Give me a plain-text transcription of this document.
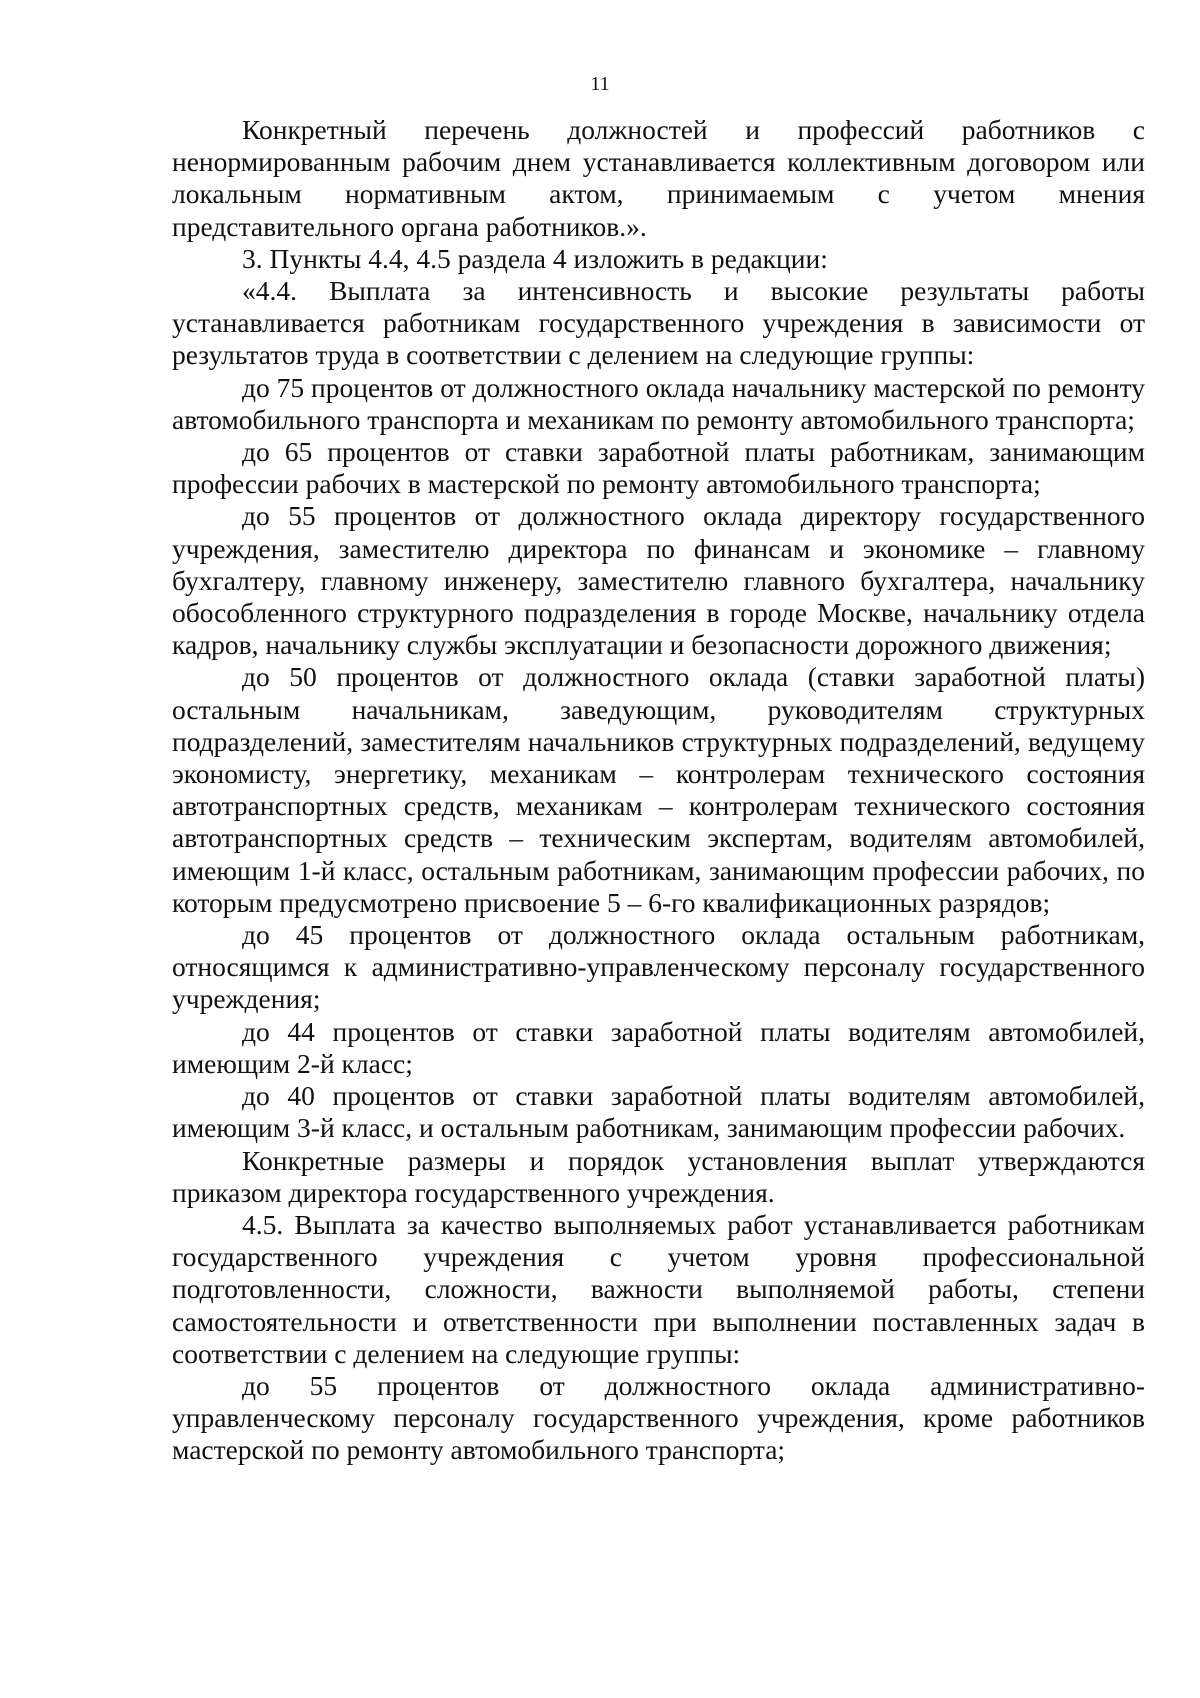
11

Конкретный перечень должностей и профессий работников с ненормированным рабочим днем устанавливается коллективным договором или локальным нормативным актом, принимаемым с учетом мнения представительного органа работников.».

3. Пункты 4.4, 4.5 раздела 4 изложить в редакции:

«4.4. Выплата за интенсивность и высокие результаты работы устанавливается работникам государственного учреждения в зависимости от результатов труда в соответствии с делением на следующие группы:

до 75 процентов от должностного оклада начальнику мастерской по ремонту автомобильного транспорта и механикам по ремонту автомобильного транспорта;

до 65 процентов от ставки заработной платы работникам, занимающим профессии рабочих в мастерской по ремонту автомобильного транспорта;

до 55 процентов от должностного оклада директору государственного учреждения, заместителю директора по финансам и экономике – главному бухгалтеру, главному инженеру, заместителю главного бухгалтера, начальнику обособленного структурного подразделения в городе Москве, начальнику отдела кадров, начальнику службы эксплуатации и безопасности дорожного движения;

до 50 процентов от должностного оклада (ставки заработной платы) остальным начальникам, заведующим, руководителям структурных подразделений, заместителям начальников структурных подразделений, ведущему экономисту, энергетику, механикам – контролерам технического состояния автотранспортных средств, механикам – контролерам технического состояния автотранспортных средств – техническим экспертам, водителям автомобилей, имеющим 1-й класс, остальным работникам, занимающим профессии рабочих, по которым предусмотрено присвоение 5 – 6-го квалификационных разрядов;

до 45 процентов от должностного оклада остальным работникам, относящимся к административно-управленческому персоналу государственного учреждения;

до 44 процентов от ставки заработной платы водителям автомобилей, имеющим 2-й класс;

до 40 процентов от ставки заработной платы водителям автомобилей, имеющим 3-й класс, и остальным работникам, занимающим профессии рабочих.

Конкретные размеры и порядок установления выплат утверждаются приказом директора государственного учреждения.

4.5. Выплата за качество выполняемых работ устанавливается работникам государственного учреждения с учетом уровня профессиональной подготовленности, сложности, важности выполняемой работы, степени самостоятельности и ответственности при выполнении поставленных задач в соответствии с делением на следующие группы:

до 55 процентов от должностного оклада административно-управленческому персоналу государственного учреждения, кроме работников мастерской по ремонту автомобильного транспорта;
